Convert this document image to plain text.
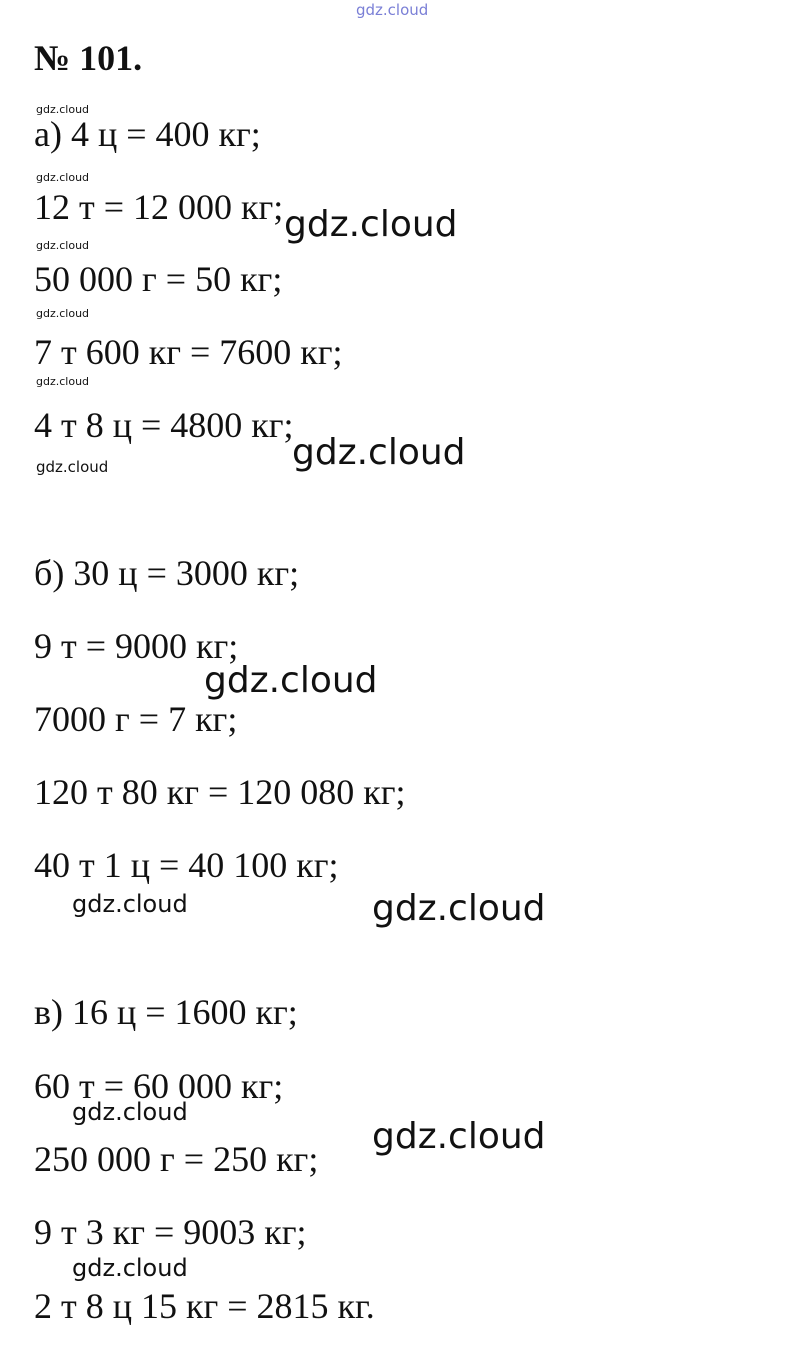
gdz.cloud
№ 101.
gdz.cloud
а) 4 ц = 400 кг;
gdz.cloud
12 т = 12 000 кг;
gdz.cloud
50 000 г = 50 кг;
gdz.cloud
7 т 600 кг = 7600 кг;
gdz.cloud
4 т 8 ц = 4800 кг;
gdz.cloud
gdz.cloud
gdz.cloud
б) 30 ц = 3000 кг;
9 т = 9000 кг;
7000 г = 7 кг;
120 т 80 кг = 120 080 кг;
40 т 1 ц = 40 100 кг;
gdz.cloud
gdz.cloud	gdz.cloud
в) 16 ц = 1600 кг;
60 т = 60 000 кг;
gdz.cloud
250 000 г = 250 кг;
gdz.cloud
9 т 3 кг = 9003 кг;
gdz.cloud
2 т 8 ц 15 кг = 2815 кг.
